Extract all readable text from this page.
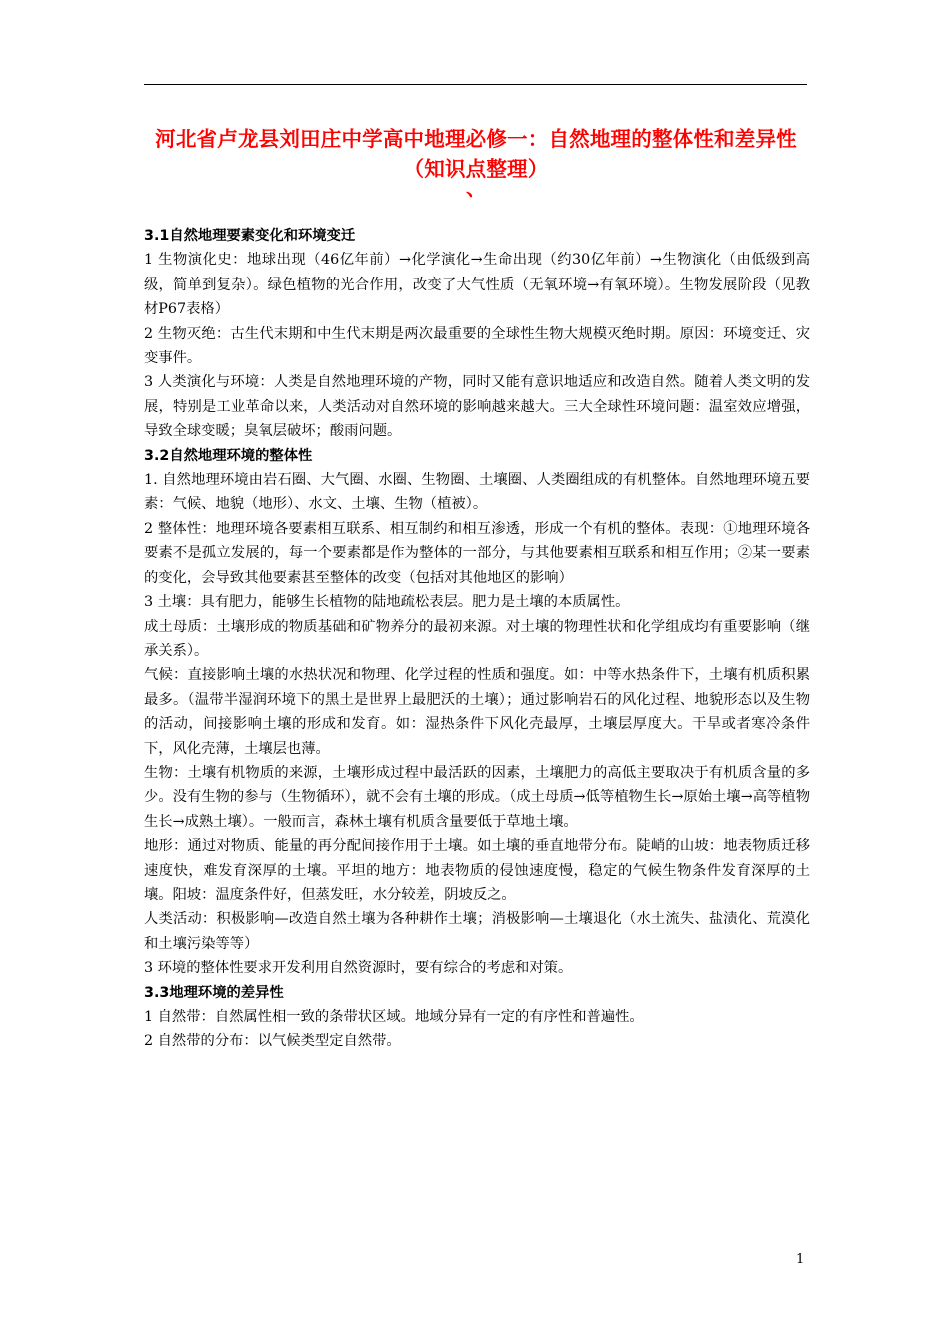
河北省卢龙县刘田庄中学高中地理必修一：自然地理的整体性和差异性（知识点整理）
、

3.1自然地理要素变化和环境变迁

1 生物演化史：地球出现（46亿年前）→化学演化→生命出现（约30亿年前）→生物演化（由低级到高级，简单到复杂）。绿色植物的光合作用，改变了大气性质（无氧环境→有氧环境）。生物发展阶段（见教材P67表格）

2 生物灭绝：古生代末期和中生代末期是两次最重要的全球性生物大规模灭绝时期。原因：环境变迁、灾变事件。

3 人类演化与环境：人类是自然地理环境的产物，同时又能有意识地适应和改造自然。随着人类文明的发展，特别是工业革命以来，人类活动对自然环境的影响越来越大。三大全球性环境问题：温室效应增强，导致全球变暖；臭氧层破坏；酸雨问题。

3.2自然地理环境的整体性

1. 自然地理环境由岩石圈、大气圈、水圈、生物圈、土壤圈、人类圈组成的有机整体。自然地理环境五要素：气候、地貌（地形）、水文、土壤、生物（植被）。

2 整体性：地理环境各要素相互联系、相互制约和相互渗透，形成一个有机的整体。表现：①地理环境各要素不是孤立发展的，每一个要素都是作为整体的一部分，与其他要素相互联系和相互作用；②某一要素的变化，会导致其他要素甚至整体的改变（包括对其他地区的影响）

3 土壤：具有肥力，能够生长植物的陆地疏松表层。肥力是土壤的本质属性。

成土母质：土壤形成的物质基础和矿物养分的最初来源。对土壤的物理性状和化学组成均有重要影响（继承关系）。

气候：直接影响土壤的水热状况和物理、化学过程的性质和强度。如：中等水热条件下，土壤有机质积累最多。（温带半湿润环境下的黑土是世界上最肥沃的土壤）；通过影响岩石的风化过程、地貌形态以及生物的活动，间接影响土壤的形成和发育。如：湿热条件下风化壳最厚，土壤层厚度大。干旱或者寒冷条件下，风化壳薄，土壤层也薄。

生物：土壤有机物质的来源，土壤形成过程中最活跃的因素，土壤肥力的高低主要取决于有机质含量的多少。没有生物的参与（生物循环），就不会有土壤的形成。（成土母质→低等植物生长→原始土壤→高等植物生长→成熟土壤）。一般而言，森林土壤有机质含量要低于草地土壤。

地形：通过对物质、能量的再分配间接作用于土壤。如土壤的垂直地带分布。陡峭的山坡：地表物质迁移速度快，难发育深厚的土壤。平坦的地方：地表物质的侵蚀速度慢，稳定的气候生物条件发育深厚的土壤。阳坡：温度条件好，但蒸发旺，水分较差，阴坡反之。

人类活动：积极影响—改造自然土壤为各种耕作土壤；消极影响—土壤退化（水土流失、盐渍化、荒漠化和土壤污染等等）

3 环境的整体性要求开发利用自然资源时，要有综合的考虑和对策。

3.3地理环境的差异性

1 自然带：自然属性相一致的条带状区域。地域分异有一定的有序性和普遍性。

2 自然带的分布：以气候类型定自然带。

1
